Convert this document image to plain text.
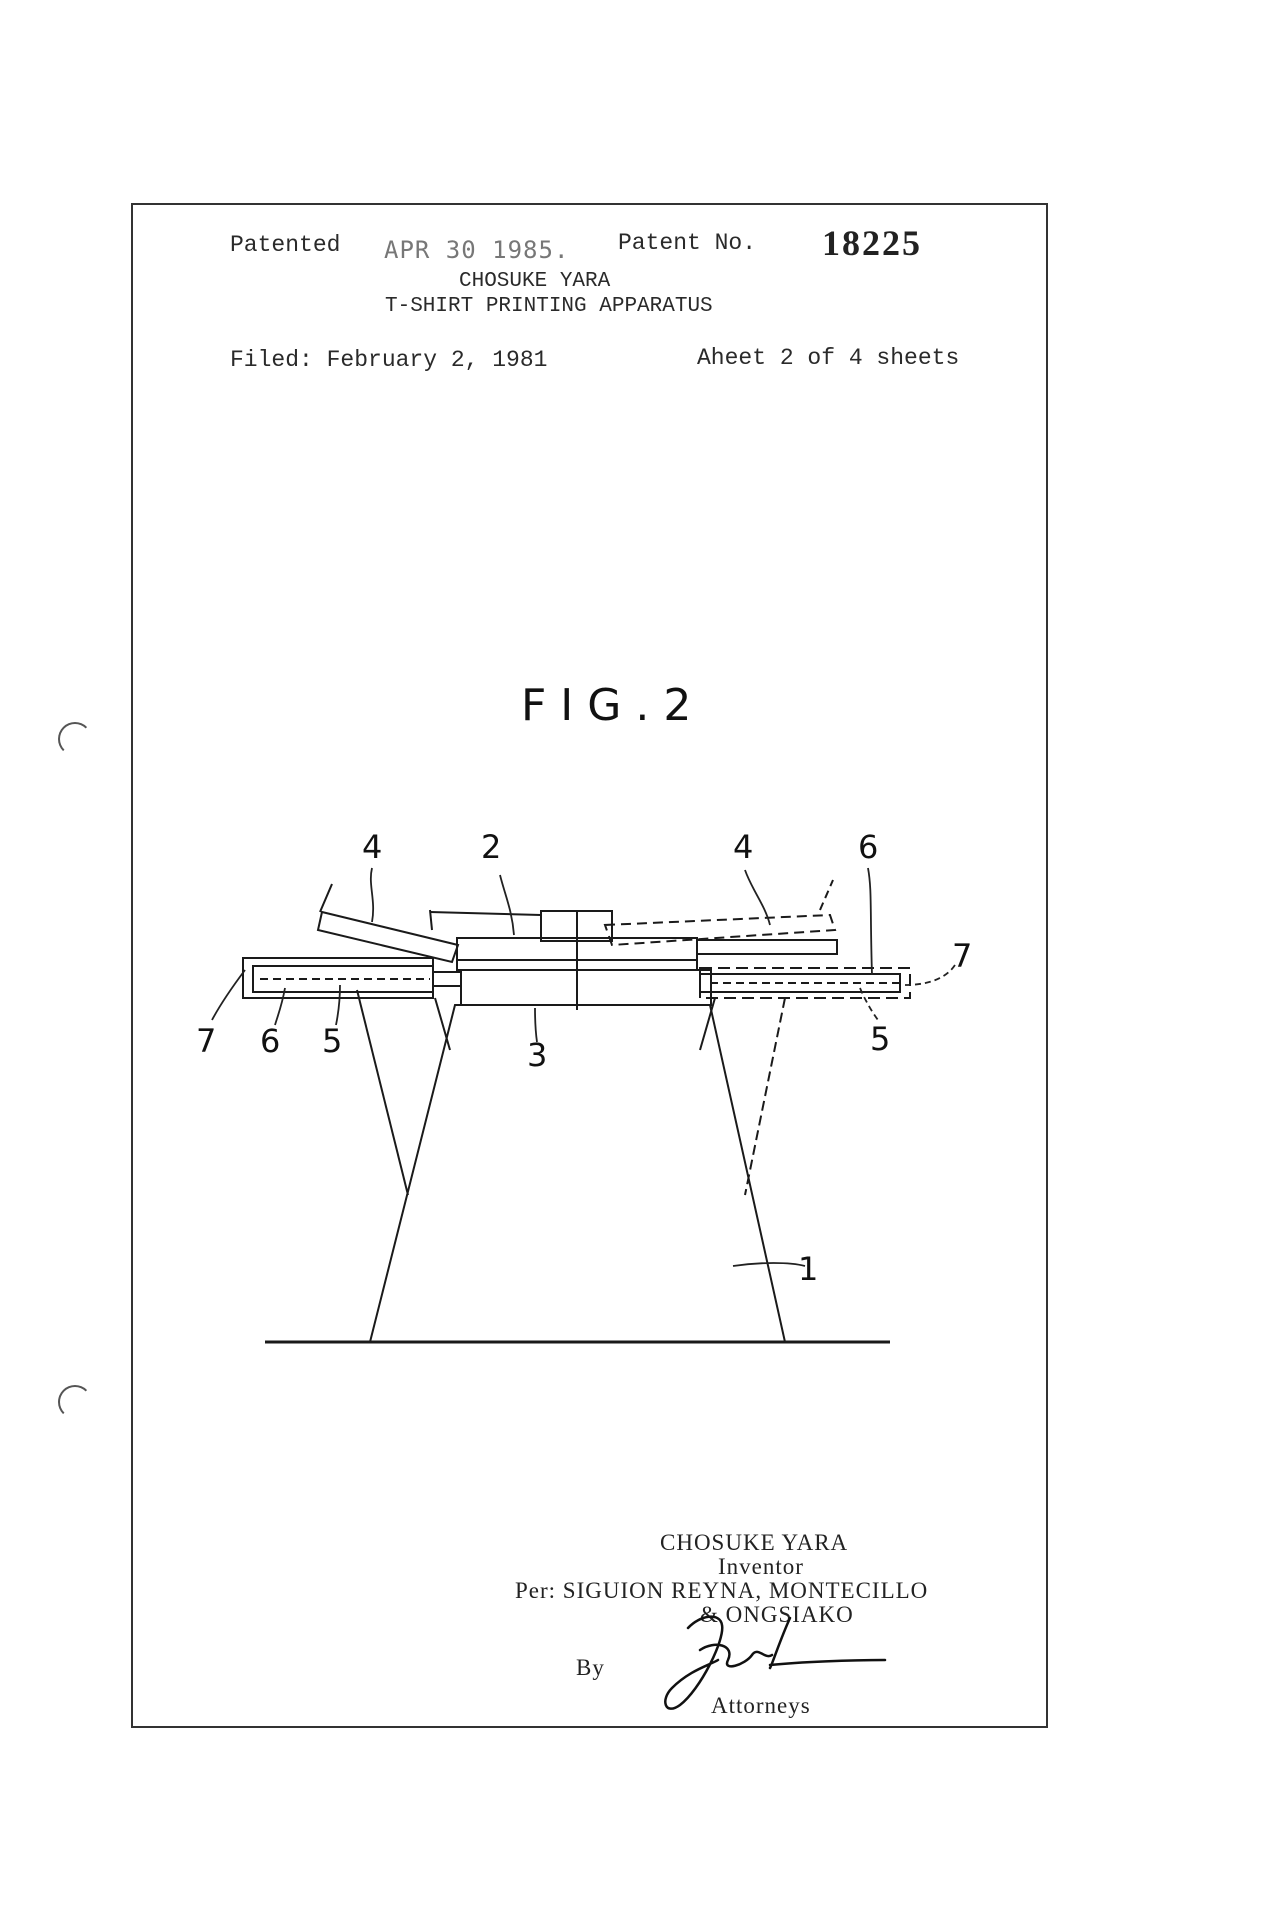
Patented APR 30 1985. Patent No. 18225
CHOSUKE YARA
T-SHIRT PRINTING APPARATUS
Filed: February 2, 1981	Aheet 2 of 4 sheets
FIG.2
4	2	4	6
7
7 6 5	3	5
1
CHOSUKE YARA
Inventor
Per: SIGUION REYNA, MONTECILLO
& ONGSIAKO
By
Attorneys
